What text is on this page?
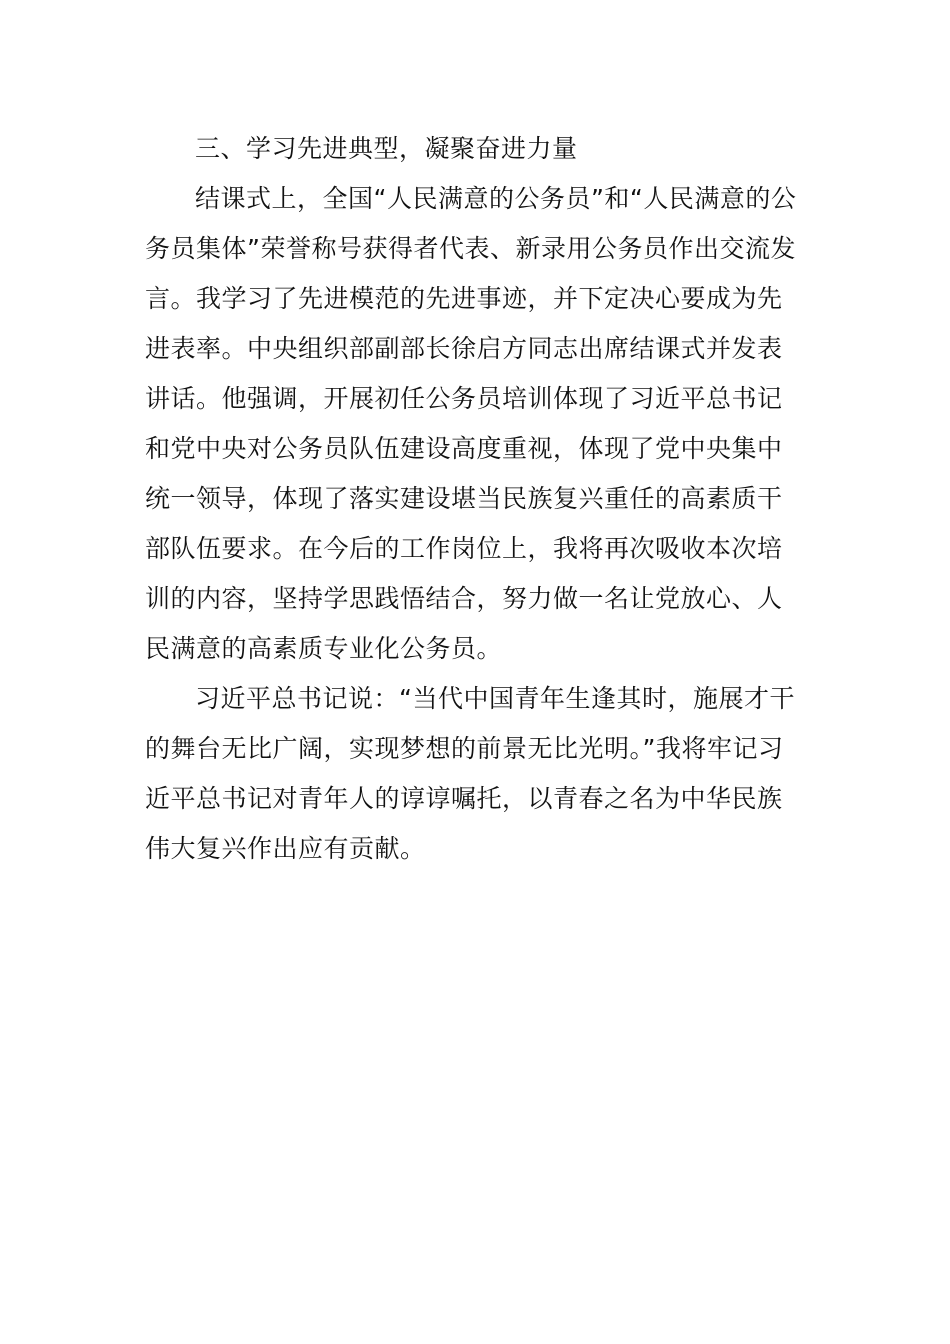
三、学习先进典型，凝聚奋进力量

结课式上，全国“人民满意的公务员”和“人民满意的公
务员集体”荣誉称号获得者代表、新录用公务员作出交流发
言。我学习了先进模范的先进事迹，并下定决心要成为先
进表率。中央组织部副部长徐启方同志出席结课式并发表
讲话。他强调，开展初任公务员培训体现了习近平总书记
和党中央对公务员队伍建设高度重视，体现了党中央集中
统一领导，体现了落实建设堪当民族复兴重任的高素质干
部队伍要求。在今后的工作岗位上，我将再次吸收本次培
训的内容，坚持学思践悟结合，努力做一名让党放心、人
民满意的高素质专业化公务员。

习近平总书记说：“当代中国青年生逢其时，施展才干
的舞台无比广阔，实现梦想的前景无比光明。”我将牢记习
近平总书记对青年人的谆谆嘱托，以青春之名为中华民族
伟大复兴作出应有贡献。
